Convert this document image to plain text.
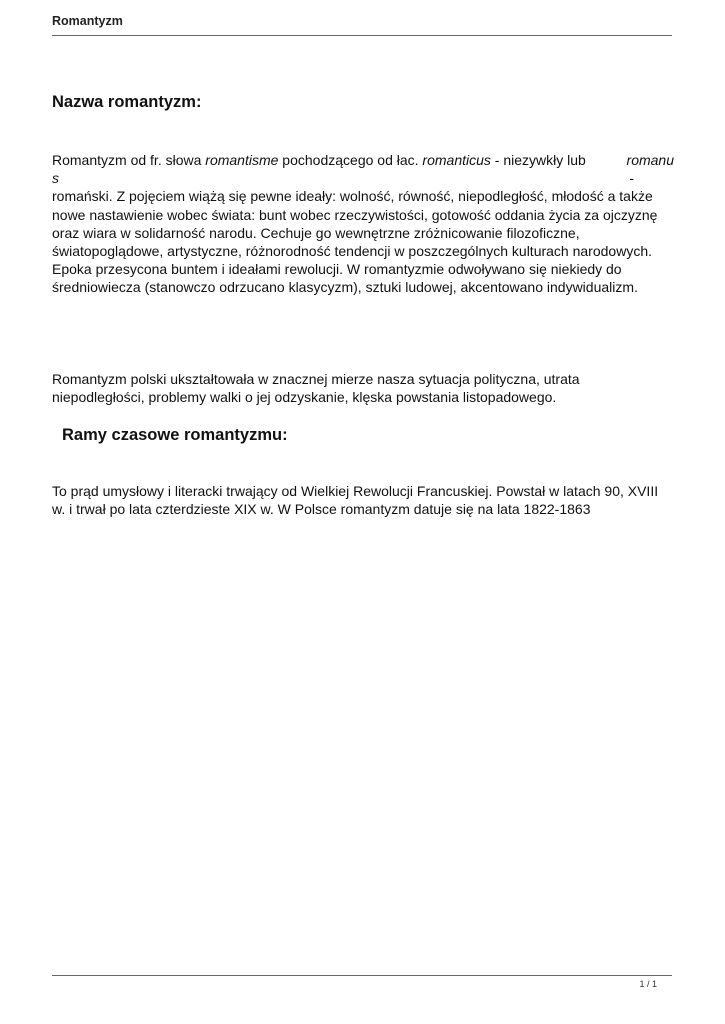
Romantyzm
Nazwa romantyzm:
Romantyzm od fr. słowa romantisme pochodzącego od łac. romanticus - niezywkły lub	romanu
s	-
romański. Z pojęciem wiążą się pewne ideały: wolność, równość, niepodległość, młodość a także nowe nastawienie wobec świata: bunt wobec rzeczywistości, gotowość oddania życia za ojczyznę oraz wiara w solidarność narodu. Cechuje go wewnętrzne zróżnicowanie filozoficzne, światopoglądowe, artystyczne, różnorodność tendencji w poszczególnych kulturach narodowych. Epoka przesycona buntem i ideałami rewolucji. W romantyzmie odwoływano się niekiedy do średniowiecza (stanowczo odrzucano klasycyzm), sztuki ludowej, akcentowano indywidualizm.

Romantyzm polski ukształtowała w znacznej mierze nasza sytuacja polityczna, utrata niepodległości, problemy walki o jej odzyskanie, klęska powstania listopadowego.

Ramy czasowe romantyzmu:

To prąd umysłowy i literacki trwający od Wielkiej Rewolucji Francuskiej. Powstał w latach 90, XVIII w. i trwał po lata czterdzieste XIX w. W Polsce romantyzm datuje się na lata 1822-1863

1 / 1
